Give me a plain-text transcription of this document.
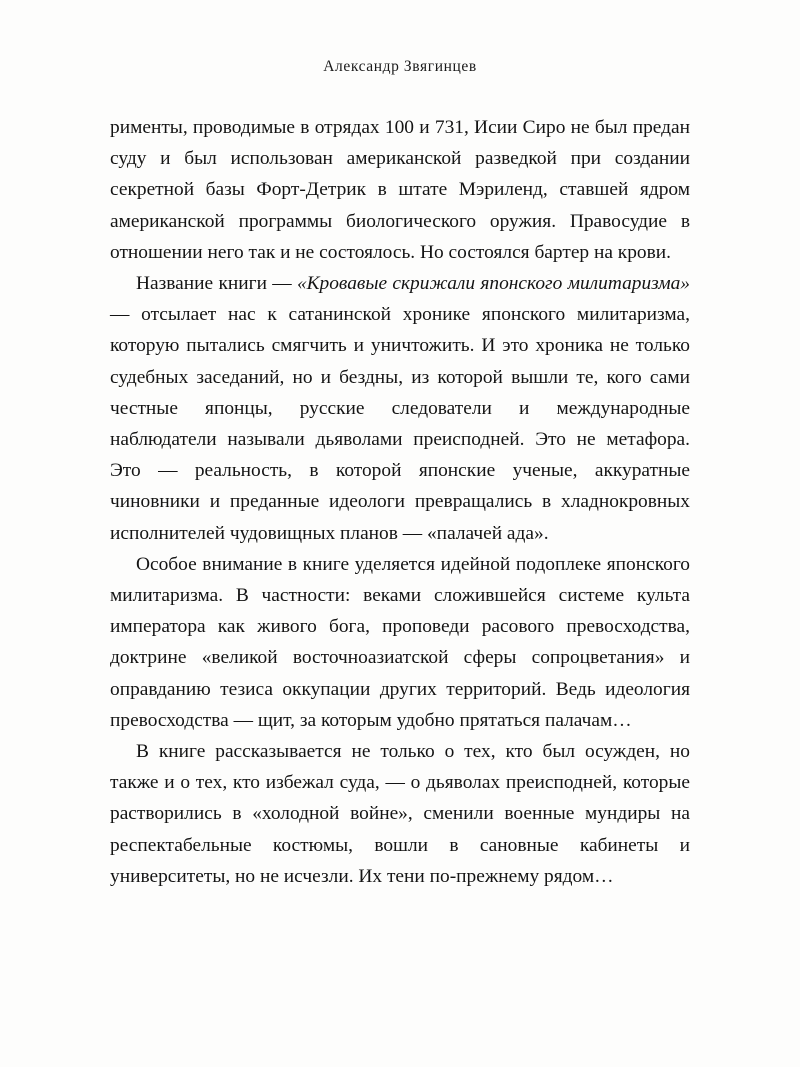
Александр Звягинцев

рименты, проводимые в отрядах 100 и 731, Исии Сиро не был предан суду и был использован американской разведкой при создании секретной базы Форт-Детрик в штате Мэриленд, ставшей ядром американской программы биологического оружия. Правосудие в отношении него так и не состоялось. Но состоялся бартер на крови.

Название книги — «Кровавые скрижали японского милитаризма» — отсылает нас к сатанинской хронике японского милитаризма, которую пытались смягчить и уничтожить. И это хроника не только судебных заседаний, но и бездны, из которой вышли те, кого сами честные японцы, русские следователи и международные наблюдатели называли дьяволами преисподней. Это не метафора. Это — реальность, в которой японские ученые, аккуратные чиновники и преданные идеологи превращались в хладнокровных исполнителей чудовищных планов — «палачей ада».

Особое внимание в книге уделяется идейной подоплеке японского милитаризма. В частности: веками сложившейся системе культа императора как живого бога, проповеди расового превосходства, доктрине «великой восточноазиатской сферы сопроцветания» и оправданию тезиса оккупации других территорий. Ведь идеология превосходства — щит, за которым удобно прятаться палачам…

В книге рассказывается не только о тех, кто был осужден, но также и о тех, кто избежал суда, — о дьяволах преисподней, которые растворились в «холодной войне», сменили военные мундиры на респектабельные костюмы, вошли в сановные кабинеты и университеты, но не исчезли. Их тени по-прежнему рядом…
